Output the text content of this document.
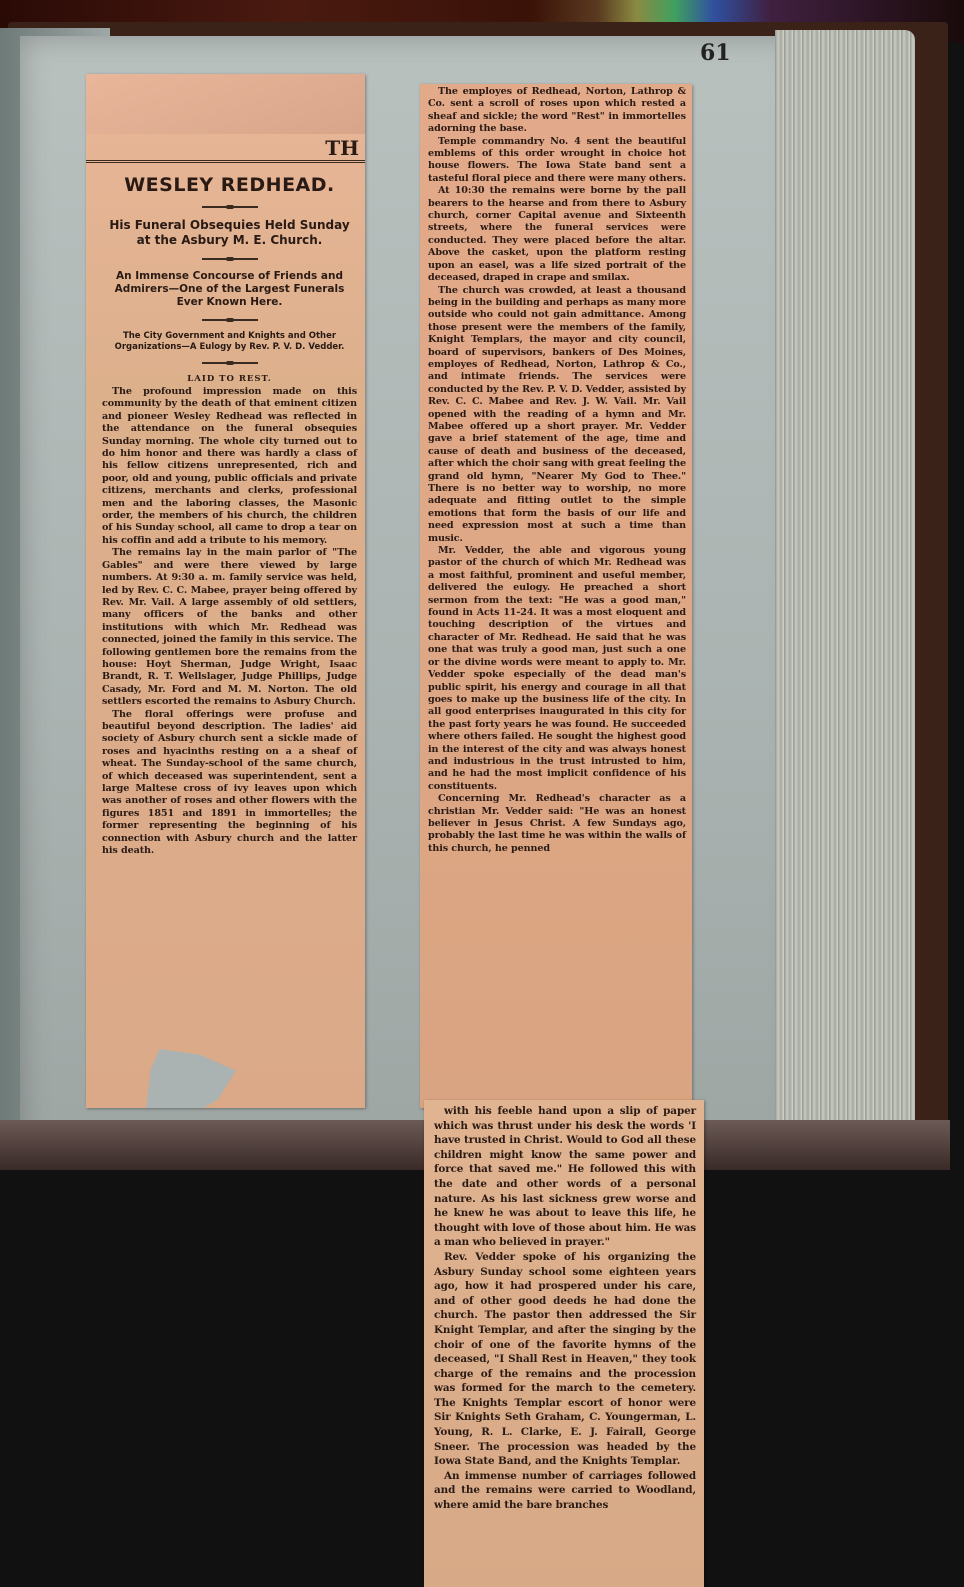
61
TH
WESLEY REDHEAD.
His Funeral Obsequies Held Sunday at the Asbury M. E. Church.
An Immense Concourse of Friends and Admirers—One of the Largest Funerals Ever Known Here.
The City Government and Knights and Other Organizations—A Eulogy by Rev. P. V. D. Vedder.
LAID TO REST.

The profound impression made on this community by the death of that eminent citizen and pioneer Wesley Redhead was reflected in the attendance on the funeral obsequies Sunday morning. The whole city turned out to do him honor and there was hardly a class of his fellow citizens unrepresented, rich and poor, old and young, public officials and private citizens, merchants and clerks, professional men and the laboring classes, the Masonic order, the members of his church, the children of his Sunday school, all came to drop a tear on his coffin and add a tribute to his memory.

The remains lay in the main parlor of "The Gables" and were there viewed by large numbers. At 9:30 a. m. family service was held, led by Rev. C. C. Mabee, prayer being offered by Rev. Mr. Vail. A large assembly of old settlers, many officers of the banks and other institutions with which Mr. Redhead was connected, joined the family in this service. The following gentlemen bore the remains from the house: Hoyt Sherman, Judge Wright, Isaac Brandt, R. T. Wellslager, Judge Phillips, Judge Casady, Mr. Ford and M. M. Norton. The old settlers escorted the remains to Asbury Church.

The floral offerings were profuse and beautiful beyond description. The ladies' aid society of Asbury church sent a sickle made of roses and hyacinths resting on a a sheaf of wheat. The Sunday-school of the same church, of which deceased was superintendent, sent a large Maltese cross of ivy leaves upon which was another of roses and other flowers with the figures 1851 and 1891 in immortelles; the former representing the beginning of his connection with Asbury church and the latter his death.

The employes of Redhead, Norton, Lathrop & Co. sent a scroll of roses upon which rested a sheaf and sickle; the word "Rest" in immortelles adorning the base.

Temple commandry No. 4 sent the beautiful emblems of this order wrought in choice hot house flowers. The Iowa State band sent a tasteful floral piece and there were many others.

At 10:30 the remains were borne by the pall bearers to the hearse and from there to Asbury church, corner Capital avenue and Sixteenth streets, where the funeral services were conducted. They were placed before the altar. Above the casket, upon the platform resting upon an easel, was a life sized portrait of the deceased, draped in crape and smilax.

The church was crowded, at least a thousand being in the building and perhaps as many more outside who could not gain admittance. Among those present were the members of the family, Knight Templars, the mayor and city council, board of supervisors, bankers of Des Moines, employes of Redhead, Norton, Lathrop & Co., and intimate friends. The services were conducted by the Rev. P. V. D. Vedder, assisted by Rev. C. C. Mabee and Rev. J. W. Vail. Mr. Vail opened with the reading of a hymn and Mr. Mabee offered up a short prayer. Mr. Vedder gave a brief statement of the age, time and cause of death and business of the deceased, after which the choir sang with great feeling the grand old hymn, "Nearer My God to Thee." There is no better way to worship, no more adequate and fitting outlet to the simple emotions that form the basis of our life and need expression most at such a time than music.

Mr. Vedder, the able and vigorous young pastor of the church of which Mr. Redhead was a most faithful, prominent and useful member, delivered the eulogy. He preached a short sermon from the text: "He was a good man," found in Acts 11-24. It was a most eloquent and touching description of the virtues and character of Mr. Redhead. He said that he was one that was truly a good man, just such a one or the divine words were meant to apply to. Mr. Vedder spoke especially of the dead man's public spirit, his energy and courage in all that goes to make up the business life of the city. In all good enterprises inaugurated in this city for the past forty years he was found. He succeeded where others failed. He sought the highest good in the interest of the city and was always honest and industrious in the trust intrusted to him, and he had the most implicit confidence of his constituents.

Concerning Mr. Redhead's character as a christian Mr. Vedder said: "He was an honest believer in Jesus Christ. A few Sundays ago, probably the last time he was within the walls of this church, he penned

with his feeble hand upon a slip of paper which was thrust under his desk the words 'I have trusted in Christ. Would to God all these children might know the same power and force that saved me." He followed this with the date and other words of a personal nature. As his last sickness grew worse and he knew he was about to leave this life, he thought with love of those about him. He was a man who believed in prayer."

Rev. Vedder spoke of his organizing the Asbury Sunday school some eighteen years ago, how it had prospered under his care, and of other good deeds he had done the church. The pastor then addressed the Sir Knight Templar, and after the singing by the choir of one of the favorite hymns of the deceased, "I Shall Rest in Heaven," they took charge of the remains and the procession was formed for the march to the cemetery. The Knights Templar escort of honor were Sir Knights Seth Graham, C. Youngerman, L. Young, R. L. Clarke, E. J. Fairall, George Sneer. The procession was headed by the Iowa State Band, and the Knights Templar.

An immense number of carriages followed and the remains were carried to Woodland, where amid the bare branches
